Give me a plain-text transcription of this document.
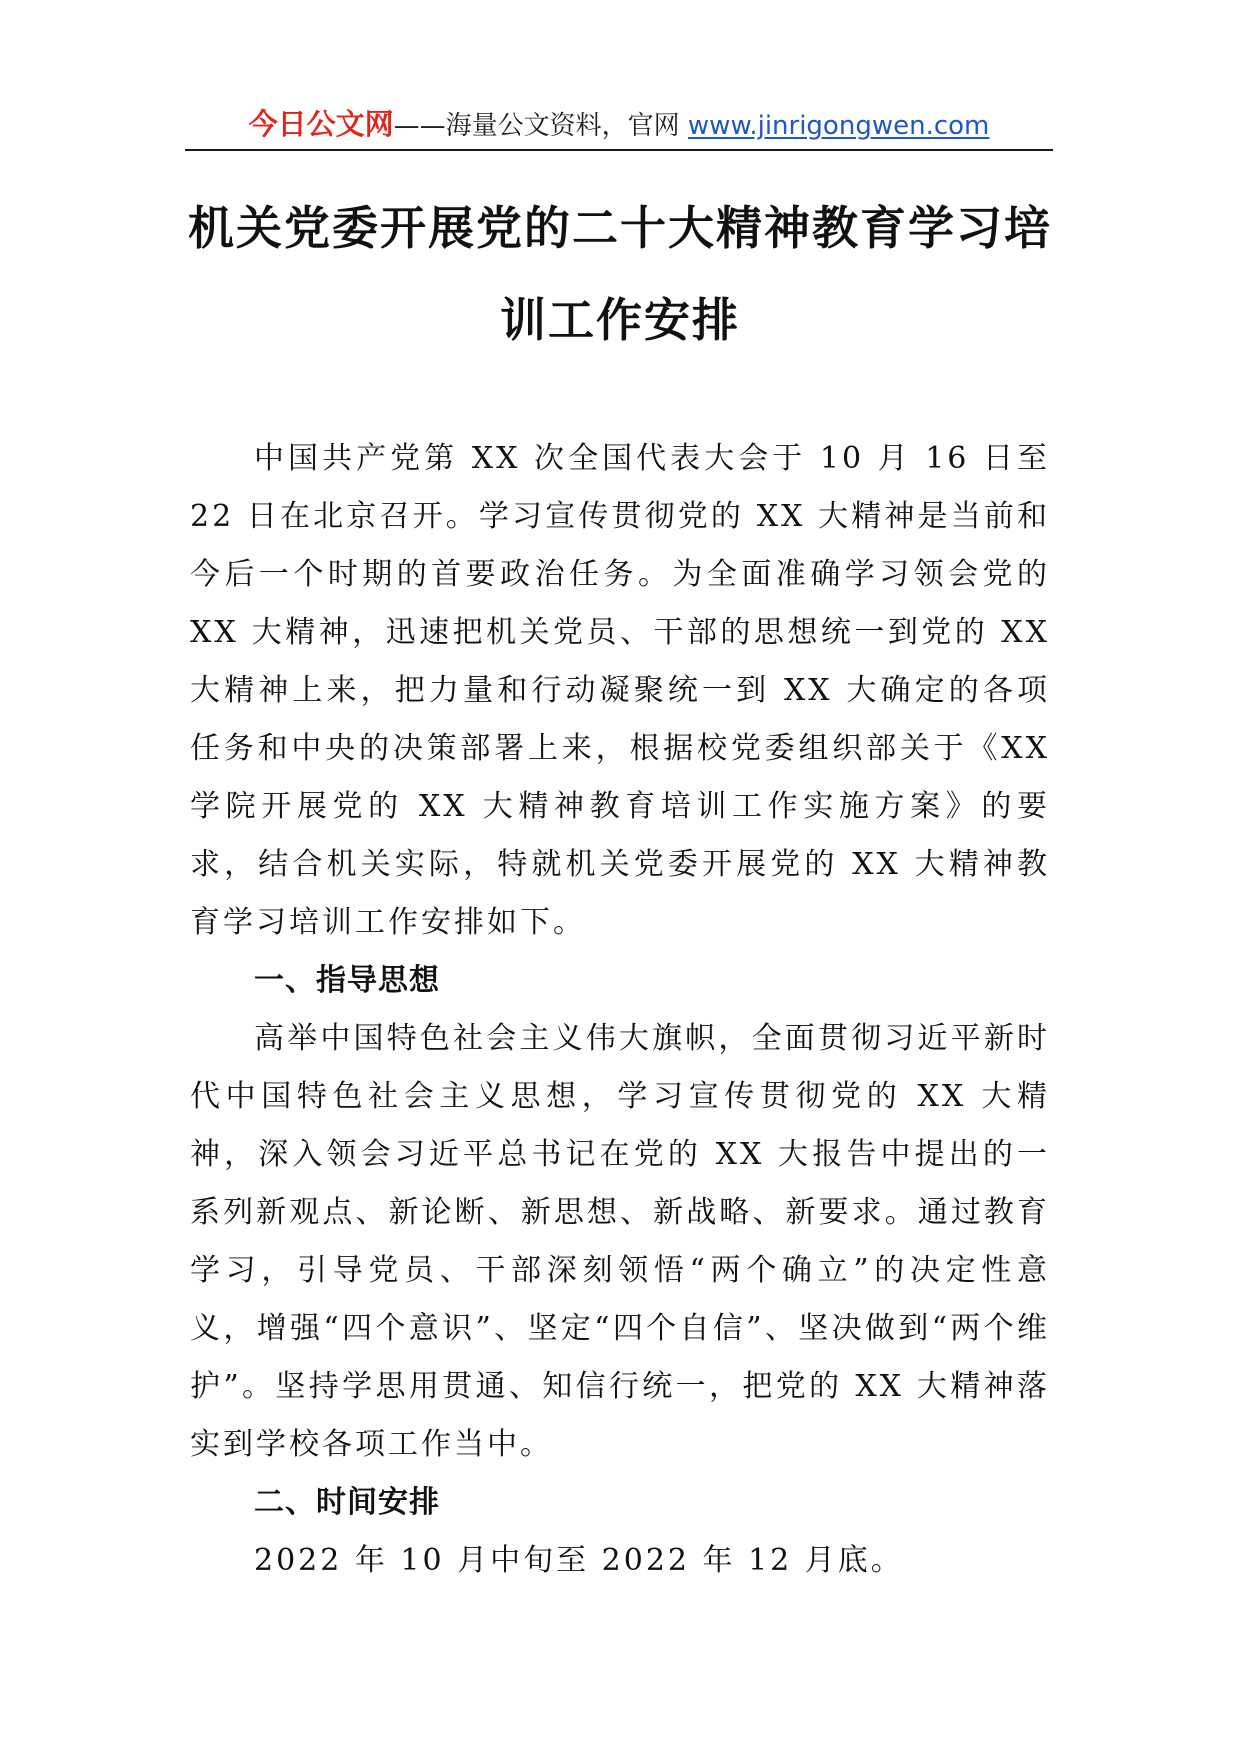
今日公文网——海量公文资料，官网 www.jinrigongwen.com
机关党委开展党的二十大精神教育学习培
训工作安排

中国共产党第 XX 次全国代表大会于 10 月 16 日至 22 日在北京召开。学习宣传贯彻党的 XX 大精神是当前和今后一个时期的首要政治任务。为全面准确学习领会党的 XX 大精神，迅速把机关党员、干部的思想统一到党的 XX 大精神上来，把力量和行动凝聚统一到 XX 大确定的各项任务和中央的决策部署上来，根据校党委组织部关于《XX 学院开展党的 XX 大精神教育培训工作实施方案》的要求，结合机关实际，特就机关党委开展党的 XX 大精神教育学习培训工作安排如下。

一、指导思想

高举中国特色社会主义伟大旗帜，全面贯彻习近平新时代中国特色社会主义思想，学习宣传贯彻党的 XX 大精神，深入领会习近平总书记在党的 XX 大报告中提出的一系列新观点、新论断、新思想、新战略、新要求。通过教育学习，引导党员、干部深刻领悟“两个确立”的决定性意义，增强“四个意识”、坚定“四个自信”、坚决做到“两个维护”。坚持学思用贯通、知信行统一，把党的 XX 大精神落实到学校各项工作当中。

二、时间安排

2022 年 10 月中旬至 2022 年 12 月底。
